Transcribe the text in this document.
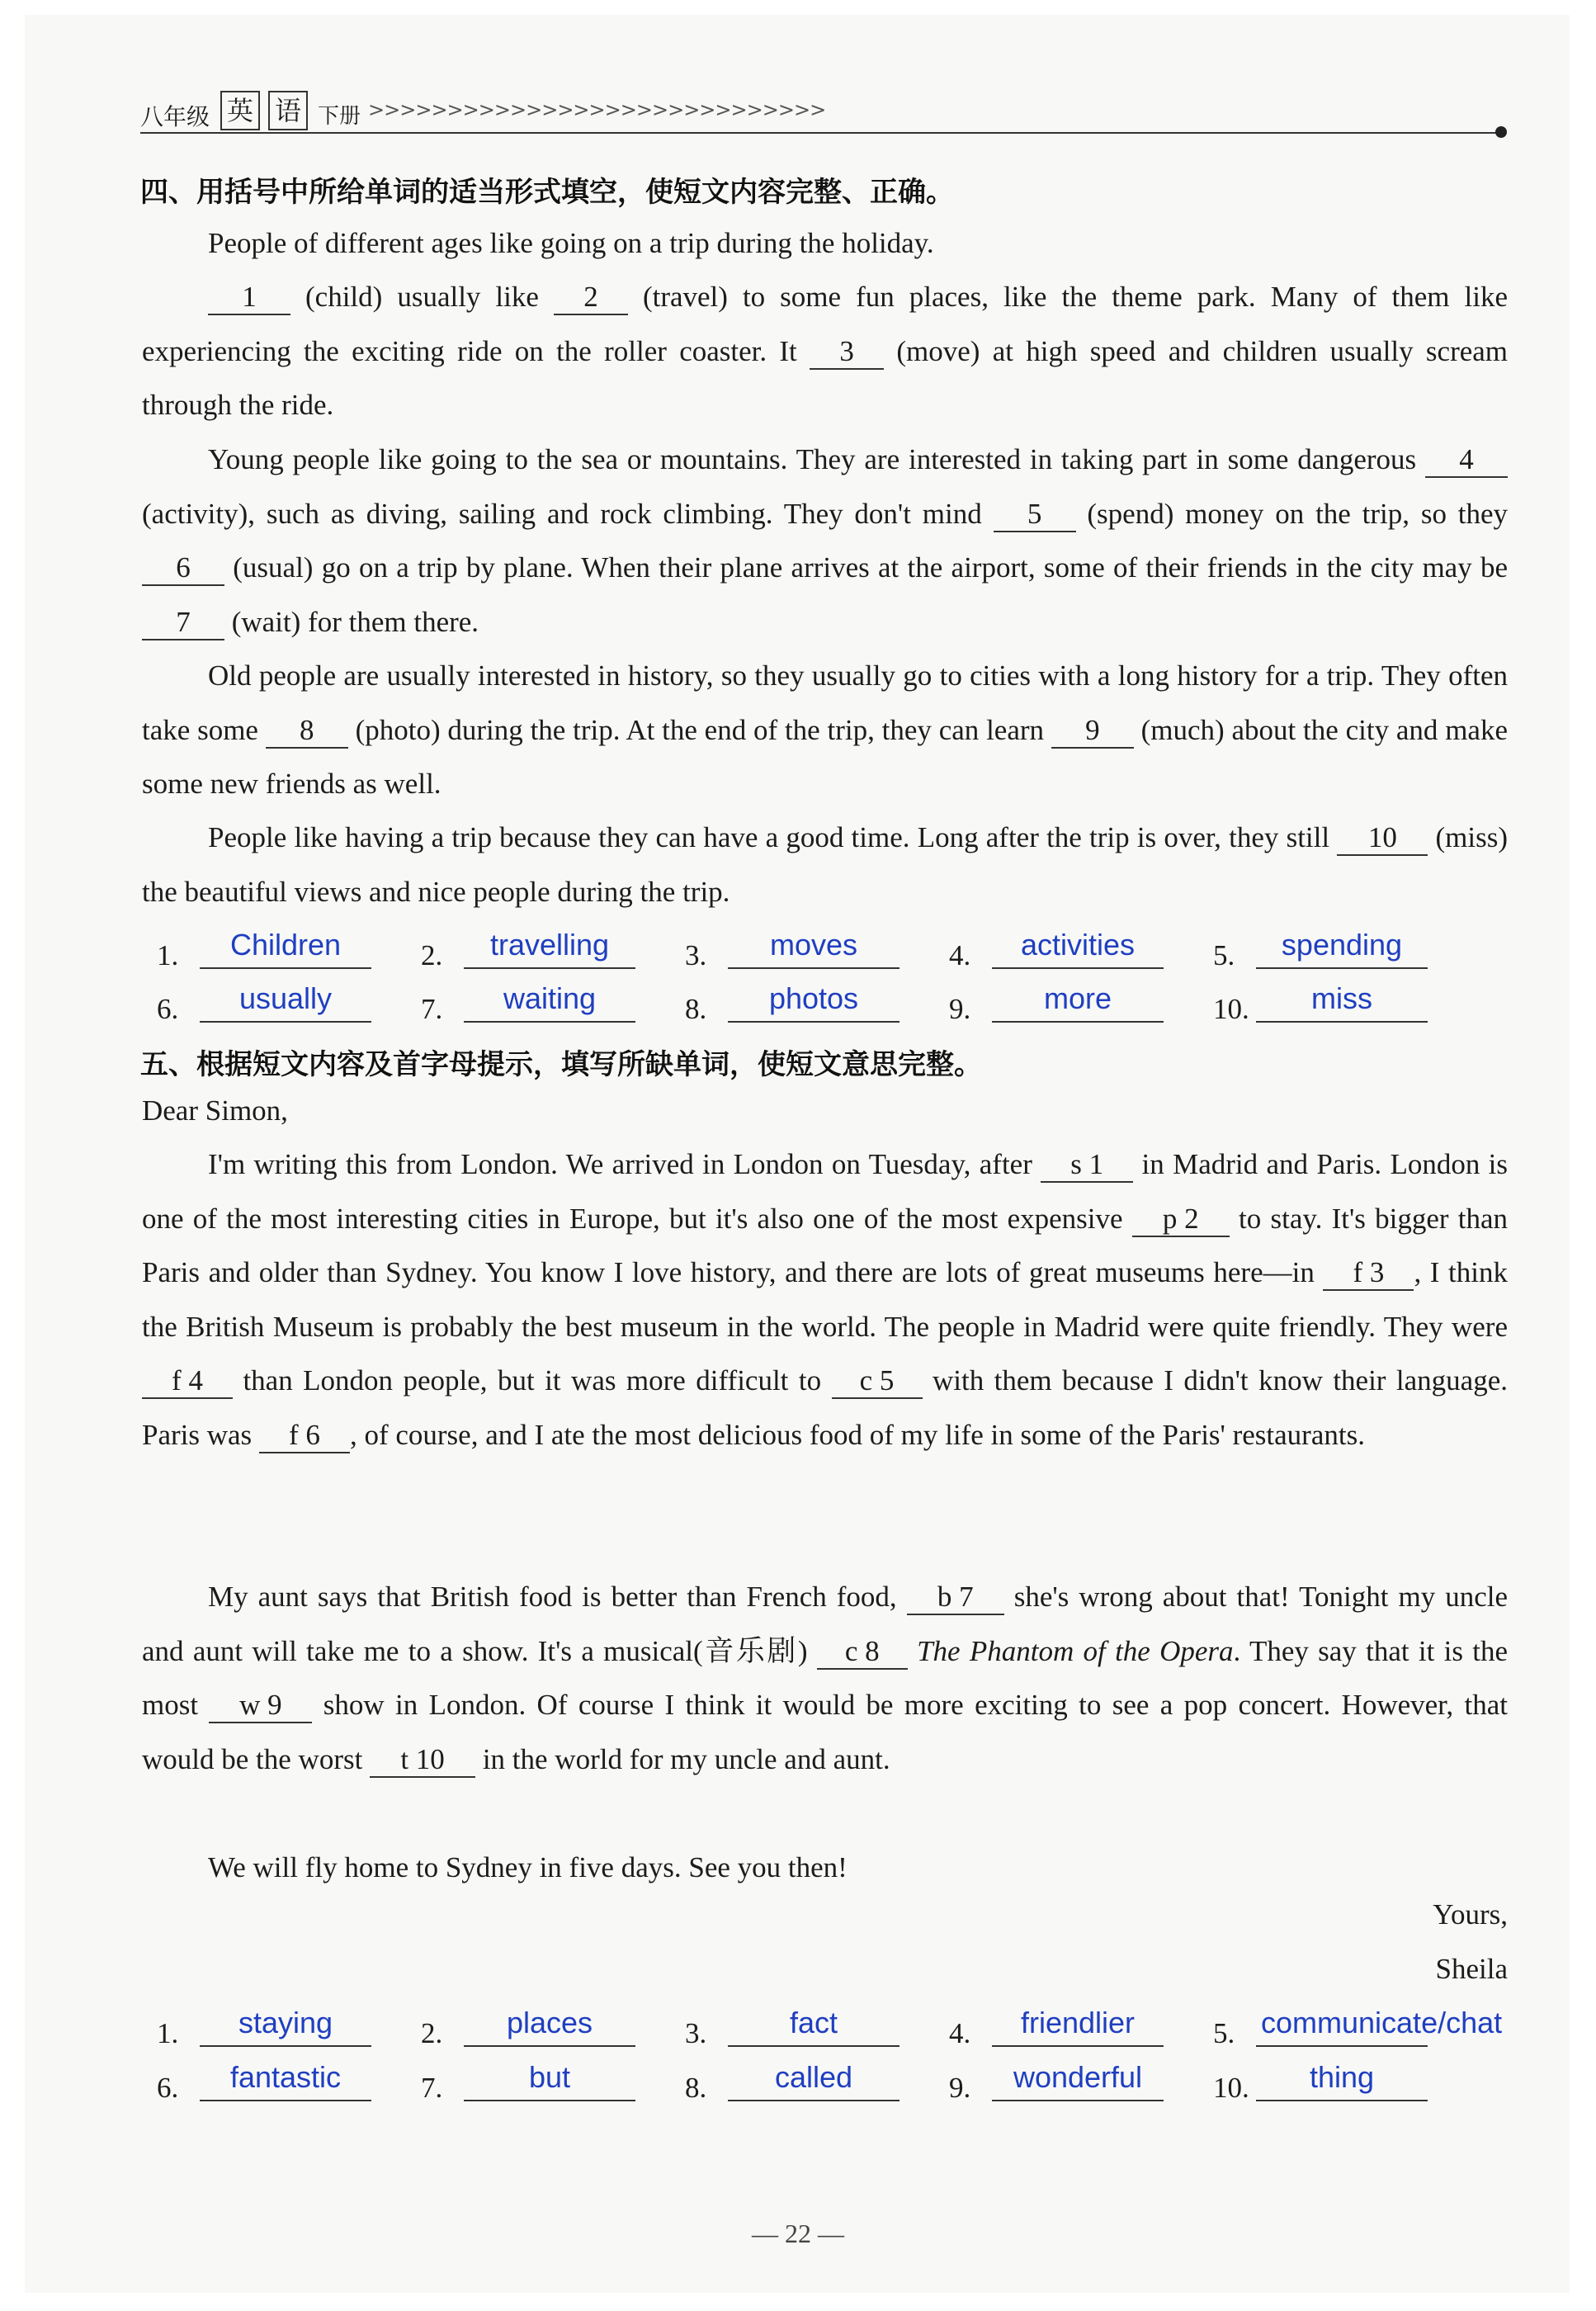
八年级 英 语 下册 >>>>>>>>>>>>>>>>>>>>>>>>>>>>>
四、用括号中所给单词的适当形式填空，使短文内容完整、正确。

People of different ages like going on a trip during the holiday.

1 (child) usually like 2 (travel) to some fun places, like the theme park. Many of them like experiencing the exciting ride on the roller coaster. It 3 (move) at high speed and children usually scream through the ride.

Young people like going to the sea or mountains. They are interested in taking part in some dangerous 4 (activity), such as diving, sailing and rock climbing. They don't mind 5 (spend) money on the trip, so they 6 (usual) go on a trip by plane. When their plane arrives at the airport, some of their friends in the city may be 7 (wait) for them there.

Old people are usually interested in history, so they usually go to cities with a long history for a trip. They often take some 8 (photo) during the trip. At the end of the trip, they can learn 9 (much) about the city and make some new friends as well.

People like having a trip because they can have a good time. Long after the trip is over, they still 10 (miss) the beautiful views and nice people during the trip.

1.	Children	2.	travelling	3.	moves	4.	activities	5.	spending
6.	usually	7.	waiting	8.	photos	9.	more	10.	miss
五、根据短文内容及首字母提示，填写所缺单词，使短文意思完整。

Dear Simon,

I'm writing this from London. We arrived in London on Tuesday, after s 1 in Madrid and Paris. London is one of the most interesting cities in Europe, but it's also one of the most expensive p 2 to stay. It's bigger than Paris and older than Sydney. You know I love history, and there are lots of great museums here—in f 3 , I think the British Museum is probably the best museum in the world. The people in Madrid were quite friendly. They were f 4 than London people, but it was more difficult to c 5 with them because I didn't know their language. Paris was f 6 , of course, and I ate the most delicious food of my life in some of the Paris' restaurants.

My aunt says that British food is better than French food, b 7 she's wrong about that! Tonight my uncle and aunt will take me to a show. It's a musical(音乐剧) c 8 The Phantom of the Opera. They say that it is the most w 9 show in London. Of course I think it would be more exciting to see a pop concert. However, that would be the worst t 10 in the world for my uncle and aunt.

We will fly home to Sydney in five days. See you then!

Yours,
Sheila
1.	staying	2.	places	3.	fact	4.	friendlier	5. communicate/chat
6.	fantastic	7.	but	8.	called	9.	wonderful	10.	thing
— 22 —
